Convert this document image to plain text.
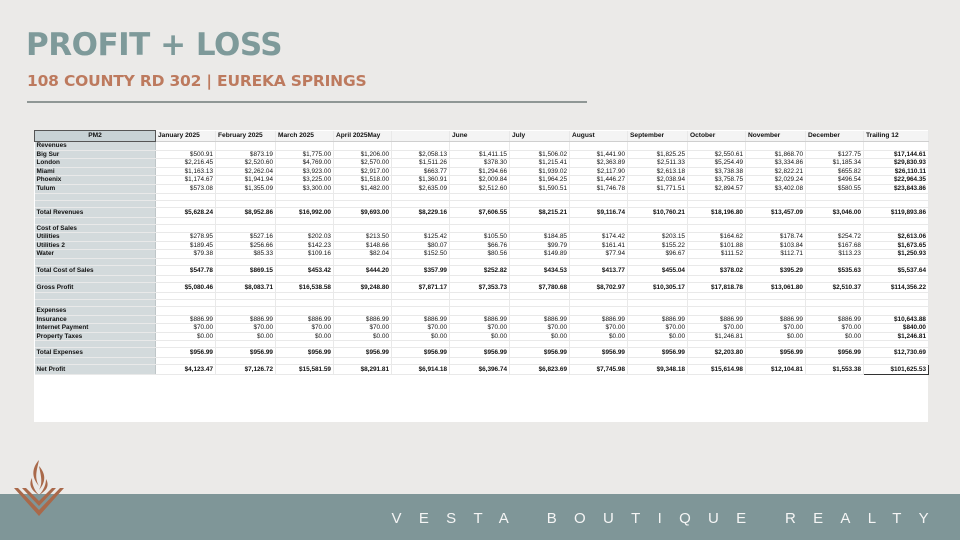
PROFIT + LOSS
108 COUNTY RD 302 | EUREKA SPRINGS
PM2	January 2025	February 2025	March 2025	April 2025May		June	July	August	September	October	November	December	Trailing 12
Revenues													
Big Sur	$500.91	$873.19	$1,775.00	$1,206.00	$2,058.13	$1,411.15	$1,506.02	$1,441.90	$1,825.25	$2,550.61	$1,868.70	$127.75	$17,144.61
London	$2,216.45	$2,520.60	$4,769.00	$2,570.00	$1,511.26	$378.30	$1,215.41	$2,363.89	$2,511.33	$5,254.49	$3,334.86	$1,185.34	$29,830.93
Miami	$1,163.13	$2,262.04	$3,923.00	$2,917.00	$663.77	$1,294.66	$1,939.02	$2,117.90	$2,613.18	$3,738.38	$2,822.21	$655.82	$26,110.11
Phoenix	$1,174.67	$1,941.94	$3,225.00	$1,518.00	$1,360.91	$2,009.84	$1,964.25	$1,446.27	$2,038.94	$3,758.75	$2,029.24	$496.54	$22,964.35
Tulum	$573.08	$1,355.09	$3,300.00	$1,482.00	$2,635.09	$2,512.60	$1,590.51	$1,746.78	$1,771.51	$2,894.57	$3,402.08	$580.55	$23,843.86

Total Revenues	$5,628.24	$8,952.86	$16,992.00	$9,693.00	$8,229.16	$7,606.55	$8,215.21	$9,116.74	$10,760.21	$18,196.80	$13,457.09	$3,046.00	$119,893.86

Cost of Sales													
Utilities	$278.95	$527.16	$202.03	$213.50	$125.42	$105.50	$184.85	$174.42	$203.15	$164.62	$178.74	$254.72	$2,613.06
Utilities 2	$189.45	$256.66	$142.23	$148.66	$80.07	$66.76	$99.79	$161.41	$155.22	$101.88	$103.84	$167.68	$1,673.65
Water	$79.38	$85.33	$109.16	$82.04	$152.50	$80.56	$149.89	$77.94	$96.67	$111.52	$112.71	$113.23	$1,250.93

Total Cost of Sales	$547.78	$869.15	$453.42	$444.20	$357.99	$252.82	$434.53	$413.77	$455.04	$378.02	$395.29	$535.63	$5,537.64

Gross Profit	$5,080.46	$8,083.71	$16,538.58	$9,248.80	$7,871.17	$7,353.73	$7,780.68	$8,702.97	$10,305.17	$17,818.78	$13,061.80	$2,510.37	$114,356.22

Expenses													
Insurance	$886.99	$886.99	$886.99	$886.99	$886.99	$886.99	$886.99	$886.99	$886.99	$886.99	$886.99	$886.99	$10,643.88
Internet Payment	$70.00	$70.00	$70.00	$70.00	$70.00	$70.00	$70.00	$70.00	$70.00	$70.00	$70.00	$70.00	$840.00
Property Taxes	$0.00	$0.00	$0.00	$0.00	$0.00	$0.00	$0.00	$0.00	$0.00	$1,246.81	$0.00	$0.00	$1,246.81

Total Expenses	$956.99	$956.99	$956.99	$956.99	$956.99	$956.99	$956.99	$956.99	$956.99	$2,203.80	$956.99	$956.99	$12,730.69

Net Profit	$4,123.47	$7,126.72	$15,581.59	$8,291.81	$6,914.18	$6,396.74	$6,823.69	$7,745.98	$9,348.18	$15,614.98	$12,104.81	$1,553.38	$101,625.53
VESTA BOUTIQUE REALTY
